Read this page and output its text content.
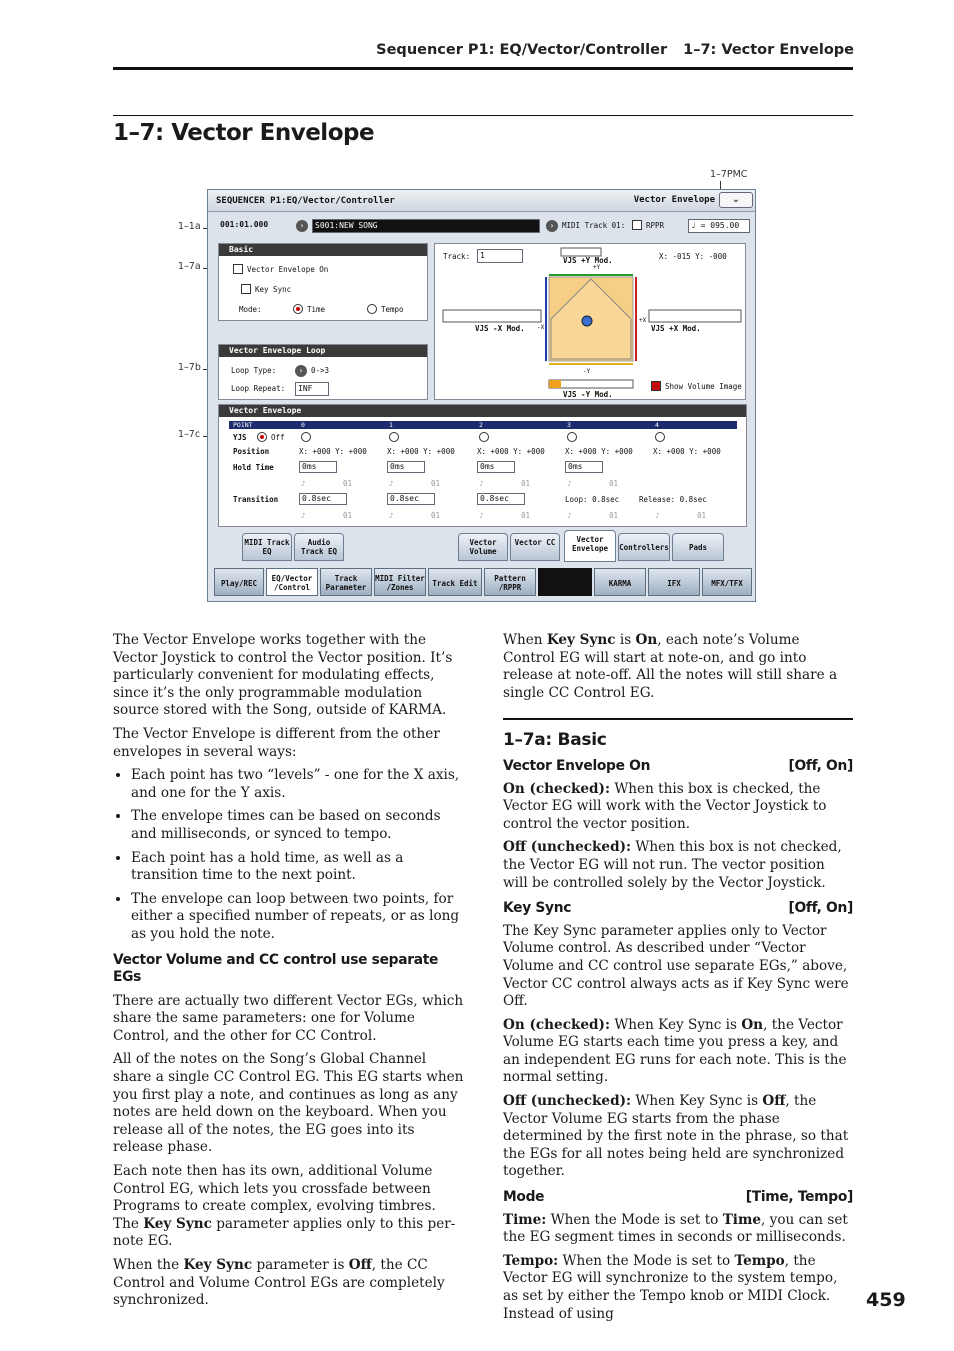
Sequencer P1: EQ/Vector/Controller 1–7: Vector Envelope
1–7: Vector Envelope
1–7PMC
1–1a
1–7a
1–7b
1–7c
SEQUENCER P1:EQ/Vector/Controller	Vector Envelope	⌄
001:01.000	›	S001:NEW SONG	›	MIDI Track 01:	RPPR	♩ = 095.00
Basic
Vector Envelope On
Key Sync
Mode:	Time	Tempo
Vector Envelope Loop
Loop Type:	›	0->3
Loop Repeat:	INF
Track:	1	X: -015 Y: -000
VJS +Y Mod.
+Y
VJS -X Mod. -X	VJS +X Mod.
+X
-Y
VJS -Y Mod.
Show Volume Image
Vector Envelope
POINT	0	1	2	3	4
YJS	Off
Position	X: +000 Y: +000	X: +000 Y: +000	X: +000 Y: +000	X: +000 Y: +000	X: +000 Y: +000
Hold Time	0ms	0ms	0ms	0ms
♪	01	♪	01	♪	01	♪	01
Transition	0.8sec	0.8sec	0.8sec	Loop: 0.8sec	Release: 0.8sec
♪	01	♪	01	♪	01	♪	01	♪	01
MIDI Track EQ
Audio Track EQ
Vector Volume
Vector CC	Vector Envelope	Controllers	Pads
Play/REC
EQ/Vector /Control
Track Parameter
MIDI Filter /Zones	Track Edit
Pattern /RPPR	KARMA	IFX	MFX/TFX

The Vector Envelope works together with the Vector Joystick to control the Vector position. It’s particularly convenient for modulating effects, since it’s the only programmable modulation source stored with the Song, outside of KARMA.

The Vector Envelope is different from the other envelopes in several ways:

• Each point has two “levels” - one for the X axis, and one for the Y axis.
• The envelope times can be based on seconds and milliseconds, or synced to tempo.
• Each point has a hold time, as well as a transition time to the next point.
• The envelope can loop between two points, for either a specified number of repeats, or as long as you hold the note.
Vector Volume and CC control use separate EGs

There are actually two different Vector EGs, which share the same parameters: one for Volume Control, and the other for CC Control.

All of the notes on the Song’s Global Channel share a single CC Control EG. This EG starts when you first play a note, and continues as long as any notes are held down on the keyboard. When you release all of the notes, the EG goes into its release phase.

Each note then has its own, additional Volume Control EG, which lets you crossfade between Programs to create complex, evolving timbres. The Key Sync parameter applies only to this per-note EG.

When the Key Sync parameter is Off, the CC Control and Volume Control EGs are completely synchronized.

When Key Sync is On, each note’s Volume Control EG will start at note-on, and go into release at note-off. All the notes will still share a single CC Control EG.

1–7a: Basic
Vector Envelope On	[Off, On]

On (checked): When this box is checked, the Vector EG will work with the Vector Joystick to control the vector position.

Off (unchecked): When this box is not checked, the Vector EG will not run. The vector position will be controlled solely by the Vector Joystick.

Key Sync	[Off, On]

The Key Sync parameter applies only to Vector Volume control. As described under “Vector Volume and CC control use separate EGs,” above, Vector CC control always acts as if Key Sync were Off.

On (checked): When Key Sync is On, the Vector Volume EG starts each time you press a key, and an independent EG runs for each note. This is the normal setting.

Off (unchecked): When Key Sync is Off, the Vector Volume EG starts from the phase determined by the first note in the phrase, so that the EGs for all notes being held are synchronized together.

Mode	[Time, Tempo]

Time: When the Mode is set to Time, you can set the EG segment times in seconds or milliseconds.

Tempo: When the Mode is set to Tempo, the Vector EG will synchronize to the system tempo, as set by either the Tempo knob or MIDI Clock. Instead of using

459
